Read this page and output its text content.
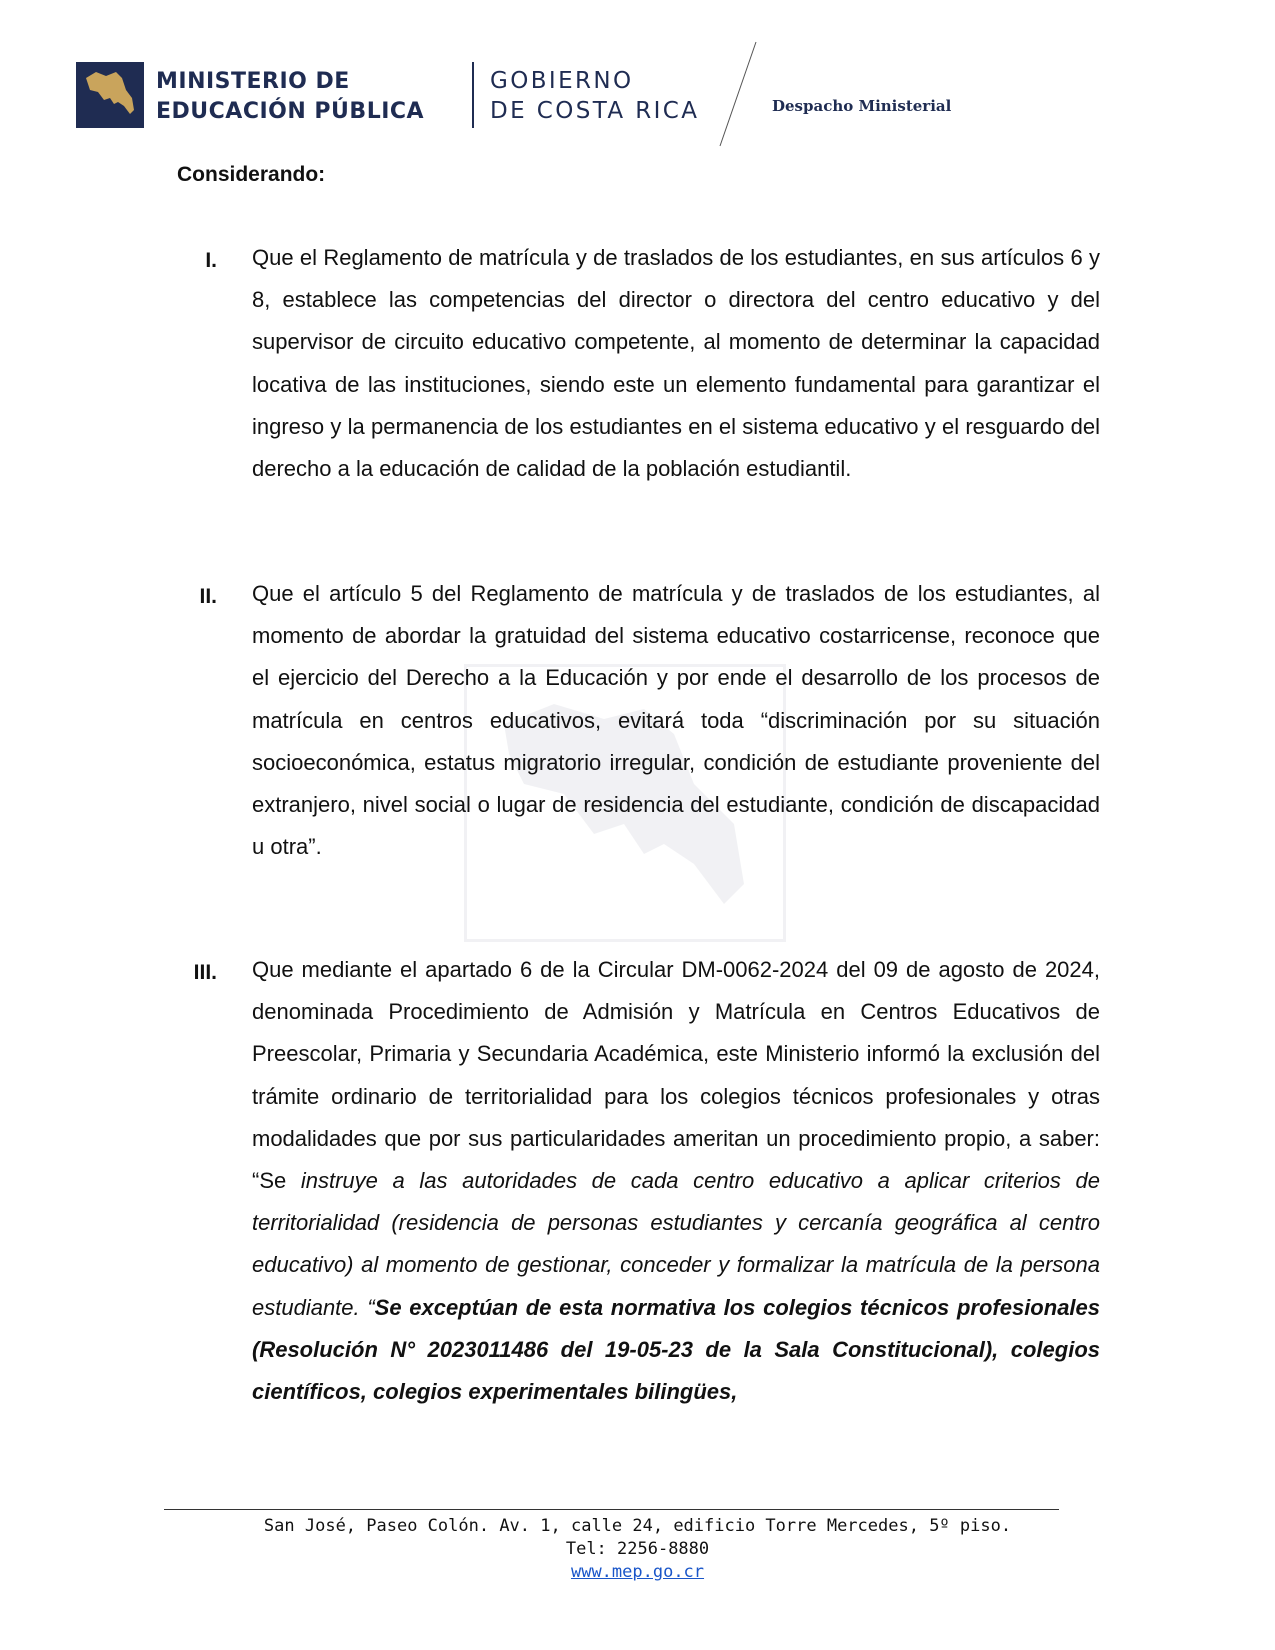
MINISTERIO DE
EDUCACIÓN PÚBLICA
GOBIERNO
DE COSTA RICA	Despacho Ministerial
Considerando:
I. Que el Reglamento de matrícula y de traslados de los estudiantes, en sus artículos 6 y 8, establece las competencias del director o directora del centro educativo y del supervisor de circuito educativo competente, al momento de determinar la capacidad locativa de las instituciones, siendo este un elemento fundamental para garantizar el ingreso y la permanencia de los estudiantes en el sistema educativo y el resguardo del derecho a la educación de calidad de la población estudiantil.
II. Que el artículo 5 del Reglamento de matrícula y de traslados de los estudiantes, al momento de abordar la gratuidad del sistema educativo costarricense, reconoce que el ejercicio del Derecho a la Educación y por ende el desarrollo de los procesos de matrícula en centros educativos, evitará toda “discriminación por su situación socioeconómica, estatus migratorio irregular, condición de estudiante proveniente del extranjero, nivel social o lugar de residencia del estudiante, condición de discapacidad u otra”.
III. Que mediante el apartado 6 de la Circular DM-0062-2024 del 09 de agosto de 2024, denominada Procedimiento de Admisión y Matrícula en Centros Educativos de Preescolar, Primaria y Secundaria Académica, este Ministerio informó la exclusión del trámite ordinario de territorialidad para los colegios técnicos profesionales y otras modalidades que por sus particularidades ameritan un procedimiento propio, a saber: “Se instruye a las autoridades de cada centro educativo a aplicar criterios de territorialidad (residencia de personas estudiantes y cercanía geográfica al centro educativo) al momento de gestionar, conceder y formalizar la matrícula de la persona estudiante. “Se exceptúan de esta normativa los colegios técnicos profesionales (Resolución N° 2023011486 del 19-05-23 de la Sala Constitucional), colegios científicos, colegios experimentales bilingües,
San José, Paseo Colón. Av. 1, calle 24, edificio Torre Mercedes, 5º piso.
Tel: 2256-8880
www.mep.go.cr
